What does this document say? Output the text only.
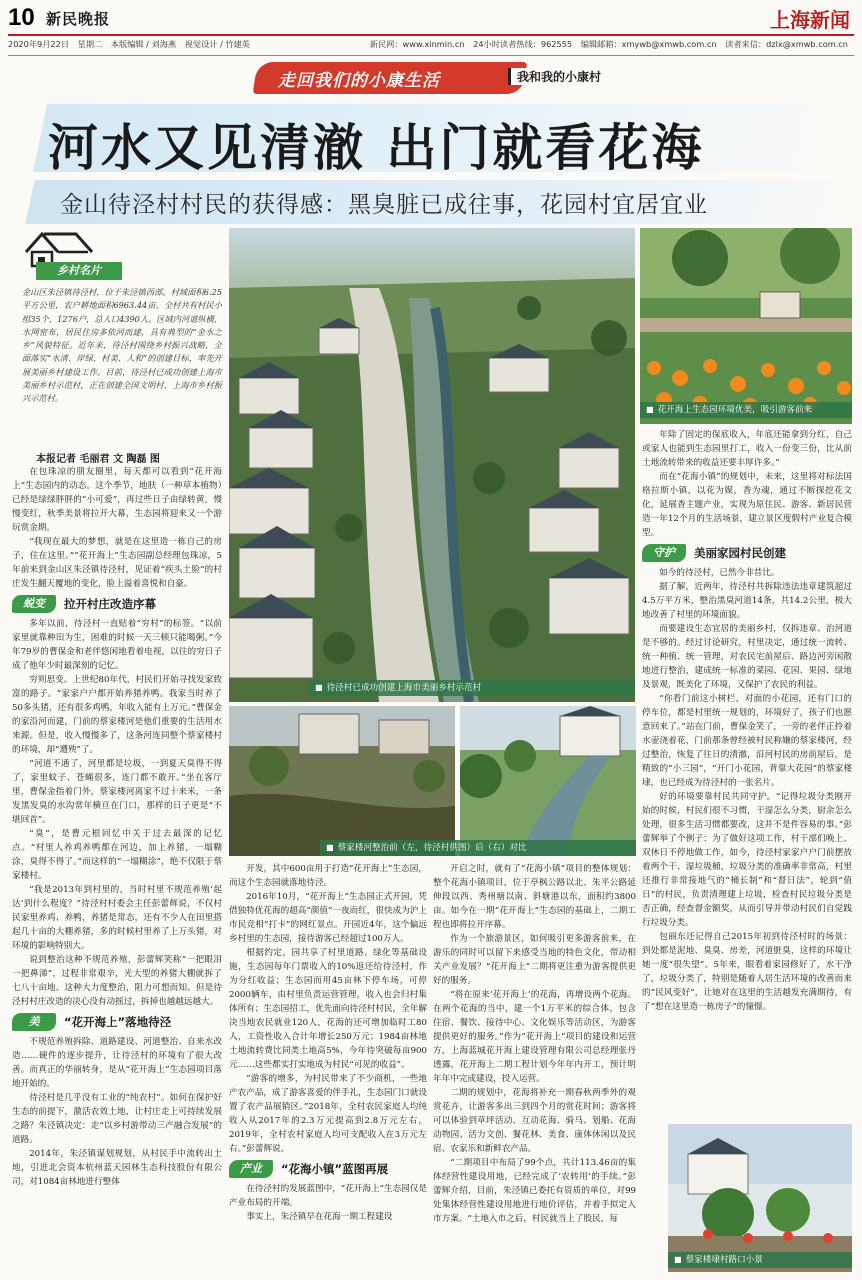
10 新民晚报	上海新闻
2020年9月22日 星期二 本版编辑 / 刘海燕 视觉设计 / 竹建英	新民网：www.xinmin.cn 24小时读者热线：962555 编辑邮箱：xmywb@xmwb.com.cn 读者来信：dzlx@xmwb.com.cn
走回我们的小康生活	我和我的小康村
河水又见清澈 出门就看花海
金山待泾村村民的获得感：黑臭脏已成往事，花园村宜居宜业
乡村名片
金山区朱泾镇待泾村，位于朱泾镇西部。村域面积6.25平方公里，农户耕地面积6963.44亩。全村共有村民小组35个，1276户，总人口4390人。区域内河道纵横，水网密布，居民住房多依河而建，具有典型的“金水之乡”风貌特征。近年来，待泾村围绕乡村振兴战略，全面落实“水清、岸绿、村美、人和”的创建目标，率先开展美丽乡村建设工作。目前，待泾村已成功创建上海市美丽乡村示范村，正在创建全国文明村、上海市乡村振兴示范村。
■ 待泾村已成功创建上海市美丽乡村示范村
■ 花开海上生态园环境优美，吸引游客前来
■ 蔡家楼河整治前（左，待泾村供图）后（右）对比
■ 蔡家楼埭村路口小景
本报记者 毛丽君 文 陶磊 图

在包珠凉的朋友圈里，每天都可以看到“花开海上”生态园内的动态。这个季节，地肤（一种草本植物）已经是绿绿胖胖的“小可爱”，再过些日子由绿转黄，慢慢变红，秋季美景将拉开大幕，生态园将迎来又一个游玩赏金期。

“我现在最大的梦想，就是在这里造一栋自己的房子，住在这里。”“花开海上”生态园副总经理包珠凉，5年前来到金山区朱泾镇待泾村，见证着“疾头土脸”的村庄发生翻天覆地的变化，脸上溢着喜悦和自豪。

蜕变	拉开村庄改造序幕

多年以前，待泾村一直贴着“穷村”的标签。“以前家里就靠种田为生，困难的时候一天三顿只能喝粥。”今年79岁的曹保金和老伴悠闲地看着电视，以往的穷日子成了他年少时最深刻的记忆。

穷则思变。上世纪80年代，村民们开始寻找发家致富的路子。“家家户户都开始养猪养鸭。我家当时养了50多头猪，还有很多鸡鸭，年收入能有上万元。”曹保金的家沿河而建，门前的蔡家楼河是他们重要的生活用水来源。但是，收入慢慢多了，这条河连同整个蔡家楼村的环境，却“遭殃”了。

“河道不通了，河里都是垃圾，一到夏天臭得不得了，家里蚊子、苍蝇很多，连门都不敢开。”坐在客厅里，曹保金指着门外，蔡家楼河离家不过十来米，一条发黑发臭的水沟常年横亘在门口，那样的日子更是“不堪回首”。

“臭”，是曹元根回忆中关于过去最深的记忆点。“村里人养鸡养鸭都在河边，加上养猪，一塌糊涂，臭得不得了。”而这样的“一塌糊涂”，绝不仅限于蔡家楼村。

“我是2013年到村里的，当时村里不规范养殖‘起达’到什么程度？”待泾村村委会主任彭蕾辉说，不仅村民家里养鸡、养鸭，养猪是常态，还有不少人在田里搭起几十亩的大棚养猪，多的时候村里养了上万头猪，对环境的影响特别大。

说到整治这种不规范养殖，彭蕾辉笑称“一把眼泪一把鼻涕”，过程非常艰辛，光大型的养猪大棚就拆了七八十亩地。这种大力度整治，阻力可想而知。但是待泾村村庄改造的决心没有动摇过，拆掉也越越远越大。

美	“花开海上”落地待泾

不规范养殖拆除、道路建设、河道整治、自来水改造……硬件的逐步提升，让待泾村的环境有了很大改善。而真正的华丽转身，是从“花开海上”生态园项目落地开始的。

待泾村是几乎没有工业的“纯农村”。如何在保护好生态的前提下，激活农效土地，让村庄走上可持续发展之路？朱泾镇决定：走“以乡村游带动三产融合发展”的道路。

2014年，朱泾镇谋划规划，从村民手中流转出土地，引进北会资本杭州蓝天园林生态科技股份有限公司，对1084亩林地进行整体

开发，其中600亩用于打造“花开海上”生态园，而这个生态园就落地待泾。

2016年10月，“花开海上”生态园正式开园，凭借独特优花海的超高“颜值”一夜而红，很快成为沪上市民竞相“打卡”的网红景点。开园近4年，这个偏远乡村里的生态园，接待游客已经超过100万人。

根据约定，园共享了村里道路、绿化等基础设施，生态园每年门票收入的10%返还给待泾村，作为分红收益；生态园而用45亩林下停车场，可停2000辆车，由村里负责运营管理，收入也会归村集体所有；生态园招工，优先面向待泾村村民，全年解决当地农民就业120人，花海的还可增加临时工80人，工资性收入合计年增长250万元；1984亩林地土地流转费比同类土地高5%，今年待突破每亩900元……这些都实打实地成为村民“可见的收益”。

“游客的增多，为村民带来了不少商机，一些地产农产品，成了游客喜爱的伴手礼，生态园门口就设置了农产品展销区。”2018年，全村农民家庭人均纯收入从2017年的2.3万元提高到2.8万元左右，2019年，全村农村家庭人均可支配收入在3万元左右。”彭蕾辉说。

产业	“花海小镇”蓝图再展

在待泾村的发展蓝图中，“花开海上”生态园仅是产业布局的开端。

事实上，朱泾镇早在花海一期工程建设

开启之时，就有了“花海小镇”项目的整体规划：整个花海小镇项目，位于亭枫公路以北、朱平公路延伸段以西、秀州塘以南、斜塘港以东，面积约3800亩。如今在一期“花开海上”生态园的基础上，二期工程也即将拉开序幕。

作为一个旅游景区，如何吸引更多游客前来，在游乐的同时可以留下来感受当地的特色文化，带动相关产业发展？“花开海上”二期将更注重为游客提供更好的服务。

“将在原来‘花开海上’的花海，再增设两个花海。在两个花海的当中，建一个1万平米的综合体，包含住宿、餐饮、接待中心、文化娱乐等活动区，为游客提供更好的服务。”作为“花开海上”项目的建设和运营方，上海蓝城花开海上建设管理有限公司总经理张丹透露，花开海上二期工程计划今年年内开工，预计明年年中完成建设，投入运营。

二期的规划中，花海将补充一期春秋两季外的观赏花卉，让游客多出三到四个月的赏花时间；游客将可以体验到草坪活动、互动花海、骑马、划船、花海动物园、活力文创、餐花林、美食、康体休闲以及民宿、农家乐和新鲜农产品。

“二期项目中布局了99个点，共计113.46亩的集体经营性建设用地，已经完成了‘农转用’的手续。”彭蕾辉介绍，目前，朱泾镇已委托有资质的单位，对99处集体经营性建设用地进行地价评估，并着手拟定入市方案。“土地入市之后，村民就当上了股民，每

年除了固定的保底收入，年底还能拿到分红，自己或家人也能到生态园里打工，收入一份变三份，比从前土地流转带来的收益还要丰厚许多。”

而在“花海小镇”的规划中，未来，这里将对标法国格拉斯小镇，以花为媒，香为魂，通过不断探挖花文化，延展香主题产业，实现为原住民、游客、新居民营造一年12个月的生活场景，建立景区度假村产业复合模型。

守护	美丽家园村民创建

如今的待泾村，已然今非昔比。

据了解，近两年，待泾村共拆除违法违章建筑超过4.5万平方米，整治黑臭河道14条，共14.2公里，极大地改善了村里的环境面貌。

而要建设生态宜居的美丽乡村，仅拆违章、治河道是不够的。经过讨论研究，村里决定，通过统一流转、统一种植、统一管理，对农民宅前屋后、路边河旁闲散地进行整治，建成统一标准的菜园、花园、果园、绿地及景观，既美化了环境，又保护了农民的利益。

“你看门前这小树栏，对面的小花园，还有门口的停车位，都是村里统一规划的，环境好了，孩子们也愿意回来了。”站在门前，曹保金笑了，一旁的老伴正拎着水壶浇着花，门前那条曾经被村民称嫌的蔡家楼河，经过整治，恢复了往日的清澈，沿河村民的房前屋后，是精致的“小三园”，“开门小花园，背靠大花园”的蔡家楼埭，也已经成为待泾村的一张名片。

好的环境要靠村民共同守护。“记得垃圾分类刚开始的时候，村民们很不习惯，干湿怎么分类，厨余怎么处理，很多生活习惯都要改，这并不是件容易的事。”彭蕾辉举了个例子：为了做好这项工作，村干部们晚上、双休日不停地做工作，如今，待泾村家家户户门前摆放着两个干、湿垃圾桶，垃圾分类的准确率非常高，村里还推行非常接地气的“桶长制”和“督日法”，轮到“值日”的村民，负责清理建上垃圾，检查村民垃圾分类是否正确，经查督金额奖，从而引导并带动村民们自觉践行垃圾分类。

包丽东还记得自己2015年初到待泾村时的场景：到处都是泥地、臭臭、房差，河道脏臭，这样的环境让她一度“很失望”。5年来，眼看着家园修好了，水干净了，垃圾分类了，特别是随着人居生活环境的改善而来的“民风变好”，让她对在这里的生活越发充满期待，有了“想在这里造一栋房子”的憧憬。
